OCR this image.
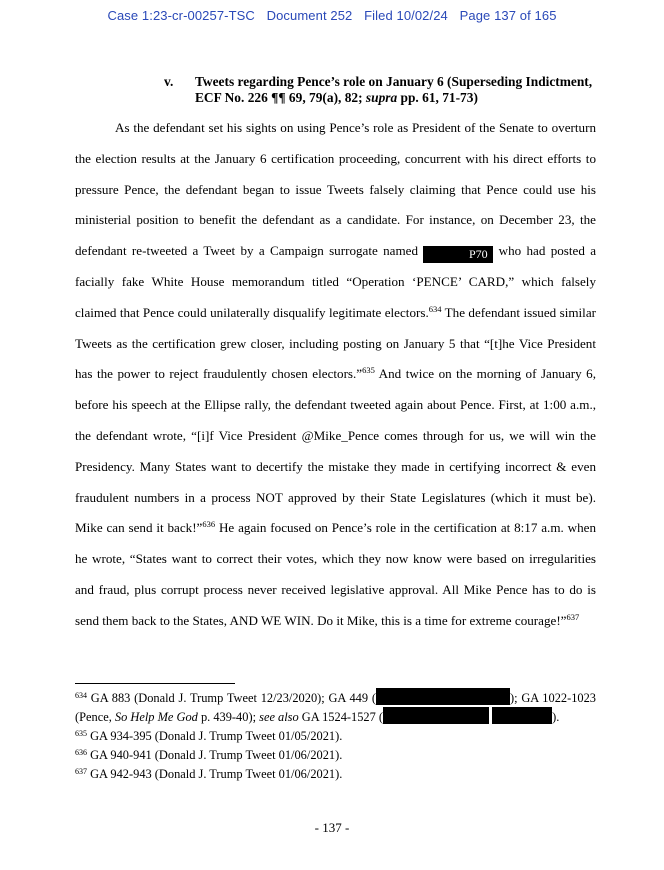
Case 1:23-cr-00257-TSC Document 252 Filed 10/02/24 Page 137 of 165
v. Tweets regarding Pence’s role on January 6 (Superseding Indictment, ECF No. 226 ¶¶ 69, 79(a), 82; supra pp. 61, 71-73)

As the defendant set his sights on using Pence’s role as President of the Senate to overturn the election results at the January 6 certification proceeding, concurrent with his direct efforts to pressure Pence, the defendant began to issue Tweets falsely claiming that Pence could use his ministerial position to benefit the defendant as a candidate. For instance, on December 23, the defendant re-tweeted a Tweet by a Campaign surrogate named	P70 who had posted a facially fake White House memorandum titled “Operation ‘PENCE’ CARD,” which falsely claimed that Pence could unilaterally disqualify legitimate electors.$^{634}$ The defendant issued similar Tweets as the certification grew closer, including posting on January 5 that “[t]he Vice President has the power to reject fraudulently chosen electors.”$^{635}$ And twice on the morning of January 6, before his speech at the Ellipse rally, the defendant tweeted again about Pence. First, at 1:00 a.m., the defendant wrote, “[i]f Vice President @Mike_Pence comes through for us, we will win the Presidency. Many States want to decertify the mistake they made in certifying incorrect & even fraudulent numbers in a process NOT approved by their State Legislatures (which it must be). Mike can send it back!”$^{636}$ He again focused on Pence’s role in the certification at 8:17 a.m. when he wrote, “States want to correct their votes, which they now know were based on irregularities and fraud, plus corrupt process never received legislative approval. All Mike Pence has to do is send them back to the States, AND WE WIN. Do it Mike, this is a time for extreme courage!”$^{637}$

$^{634}$ GA 883 (Donald J. Trump Tweet 12/23/2020); GA 449 (	); GA 1022-1023 (Pence, So Help Me God p. 439-40); see also GA 1524-1527 (	).

$^{635}$ GA 934-395 (Donald J. Trump Tweet 01/05/2021).

$^{636}$ GA 940-941 (Donald J. Trump Tweet 01/06/2021).

$^{637}$ GA 942-943 (Donald J. Trump Tweet 01/06/2021).

- 137 -
